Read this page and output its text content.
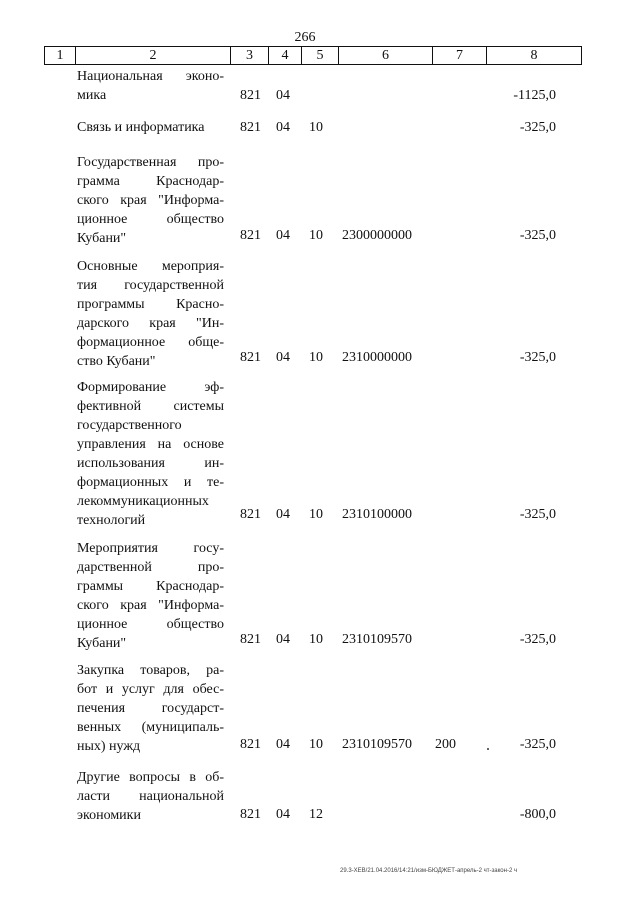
266
1	2	3	4	5	6	7	8
Национальная эконо-
мика	821 04	-1125,0
Связь и информатика	821 04 10	-325,0
Государственная про-
грамма Краснодар-
ского края "Информа-
ционное общество
Кубани"	821 04 10 2300000000	-325,0
Основные мероприя-
тия государственной
программы Красно-
дарского края "Ин-
формационное обще-
ство Кубани"	821 04 10 2310000000	-325,0
Формирование эф-
фективной системы
государственного
управления на основе
использования ин-
формационных и те-
лекоммуникационных
технологий	821 04 10 2310100000	-325,0
Мероприятия госу-
дарственной про-
граммы Краснодар-
ского края "Информа-
ционное общество
Кубани"	821 04 10 2310109570	-325,0
Закупка товаров, ра-
бот и услуг для обес-
печения государст-
венных (муниципаль-
ных) нужд	821 04 10 2310109570 200	-325,0
Другие вопросы в об-
ласти национальной
экономики	821 04 12	-800,0
29.3-ХЕВ/21.04.2016/14:21/изм-БЮДЖЕТ-апрель-2 чт-закон-2 ч
